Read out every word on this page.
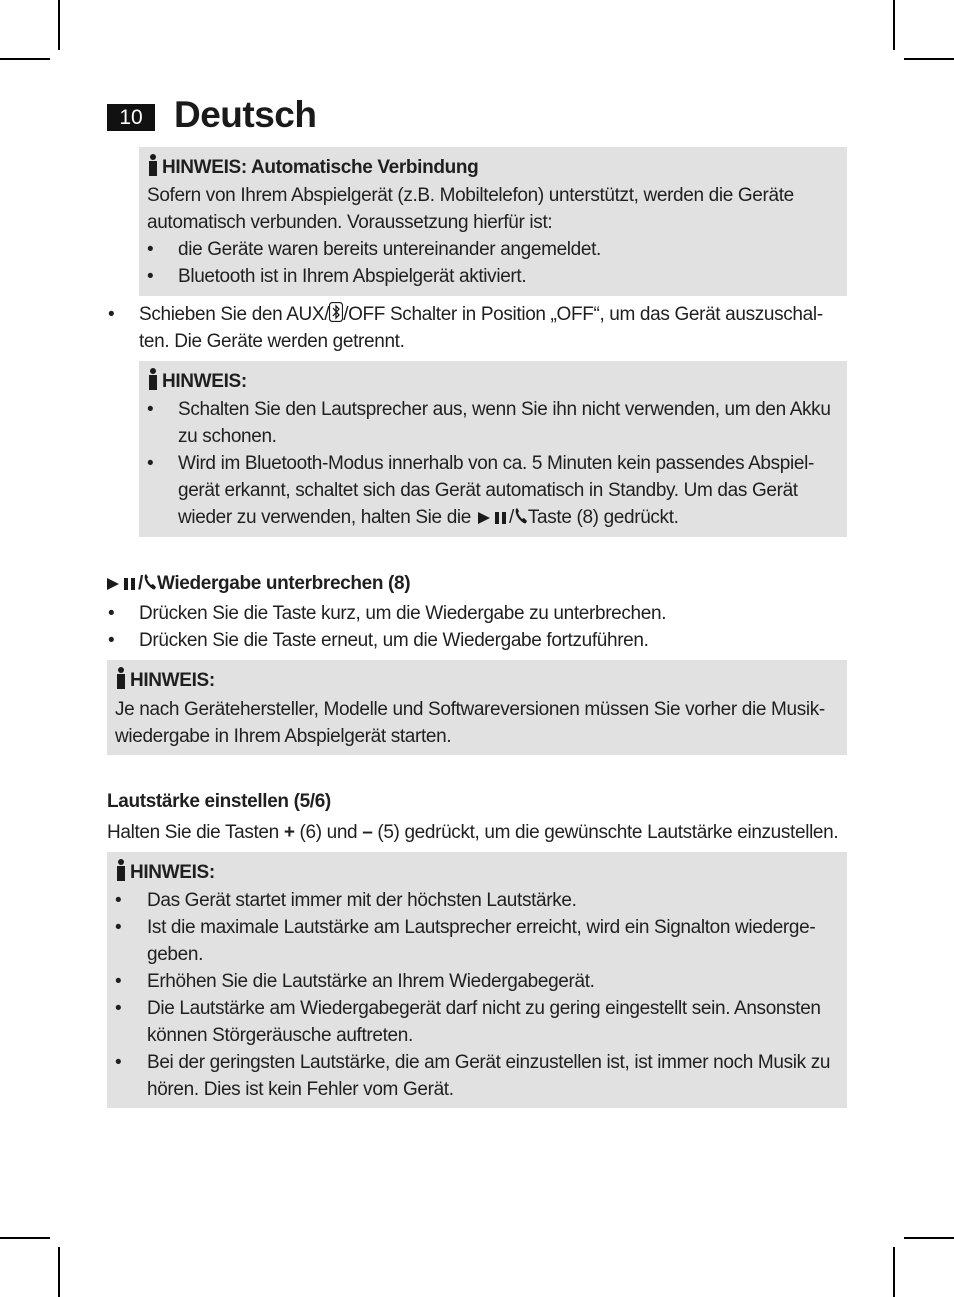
10 Deutsch
HINWEIS: Automatische Verbindung
Sofern von Ihrem Abspielgerät (z.B. Mobiltelefon) unterstützt, werden die Geräte
automatisch verbunden. Voraussetzung hierfür ist:
• die Geräte waren bereits untereinander angemeldet.
• Bluetooth ist in Ihrem Abspielgerät aktiviert.
• Schieben Sie den AUX/ /OFF Schalter in Position „OFF“, um das Gerät auszuschal-
ten. Die Geräte werden getrennt.
HINWEIS:
• Schalten Sie den Lautsprecher aus, wenn Sie ihn nicht verwenden, um den Akku
zu schonen.
• Wird im Bluetooth-Modus innerhalb von ca. 5 Minuten kein passendes Abspiel-
gerät erkannt, schaltet sich das Gerät automatisch in Standby. Um das Gerät
wieder zu verwenden, halten Sie die / Taste (8) gedrückt.
/ Wiedergabe unterbrechen (8)
• Drücken Sie die Taste kurz, um die Wiedergabe zu unterbrechen.
• Drücken Sie die Taste erneut, um die Wiedergabe fortzuführen.
HINWEIS:
Je nach Gerätehersteller, Modelle und Softwareversionen müssen Sie vorher die Musik-
wiedergabe in Ihrem Abspielgerät starten.
Lautstärke einstellen (5/6)
Halten Sie die Tasten + (6) und – (5) gedrückt, um die gewünschte Lautstärke einzustellen.
HINWEIS:
• Das Gerät startet immer mit der höchsten Lautstärke.
• Ist die maximale Lautstärke am Lautsprecher erreicht, wird ein Signalton wiederge-
geben.
• Erhöhen Sie die Lautstärke an Ihrem Wiedergabegerät.
• Die Lautstärke am Wiedergabegerät darf nicht zu gering eingestellt sein. Ansonsten
können Störgeräusche auftreten.
• Bei der geringsten Lautstärke, die am Gerät einzustellen ist, ist immer noch Musik zu
hören. Dies ist kein Fehler vom Gerät.
